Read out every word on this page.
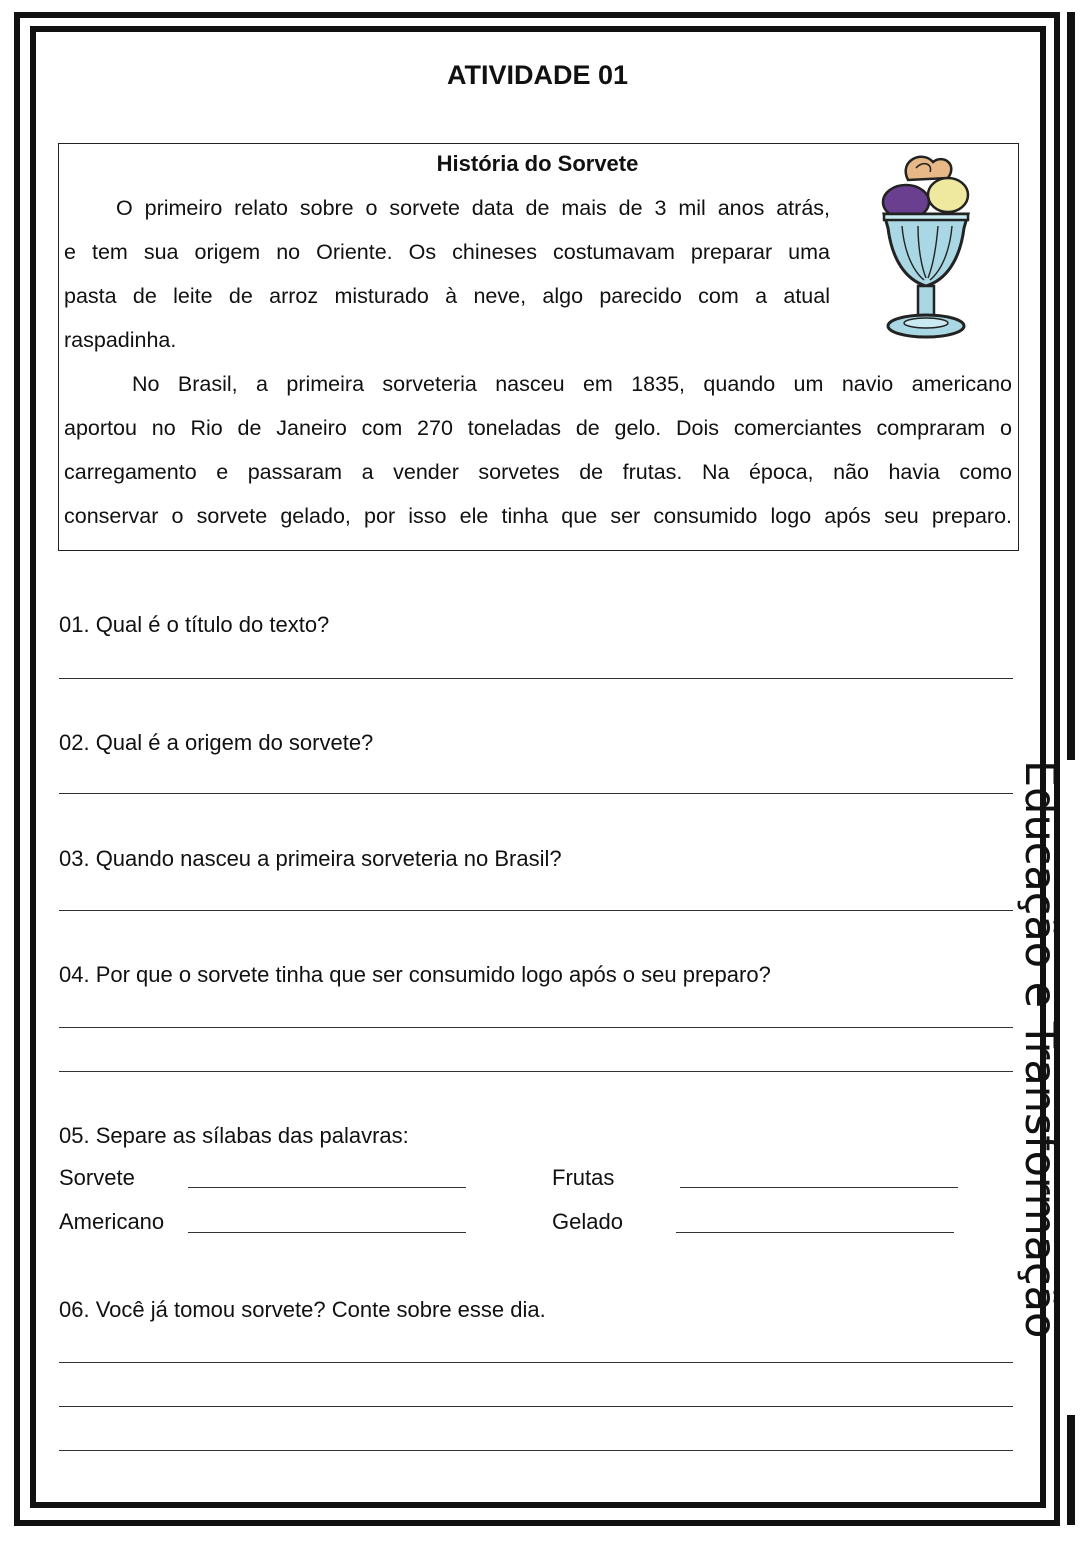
ATIVIDADE 01
História do Sorvete
O primeiro relato sobre o sorvete data de mais de 3 mil anos atrás,
e tem sua origem no Oriente. Os chineses costumavam preparar uma
pasta de leite de arroz misturado à neve, algo parecido com a atual
raspadinha.
No Brasil, a primeira sorveteria nasceu em 1835, quando um navio americano
aportou no Rio de Janeiro com 270 toneladas de gelo. Dois comerciantes compraram o
carregamento e passaram a vender sorvetes de frutas. Na época, não havia como
conservar o sorvete gelado, por isso ele tinha que ser consumido logo após seu preparo.
01. Qual é o título do texto?
02. Qual é a origem do sorvete?
03. Quando nasceu a primeira sorveteria no Brasil?
04. Por que o sorvete tinha que ser consumido logo após o seu preparo?
05. Separe as sílabas das palavras:
Sorvete	Frutas
Americano	Gelado
06. Você já tomou sorvete? Conte sobre esse dia.	Educação e Transformação
